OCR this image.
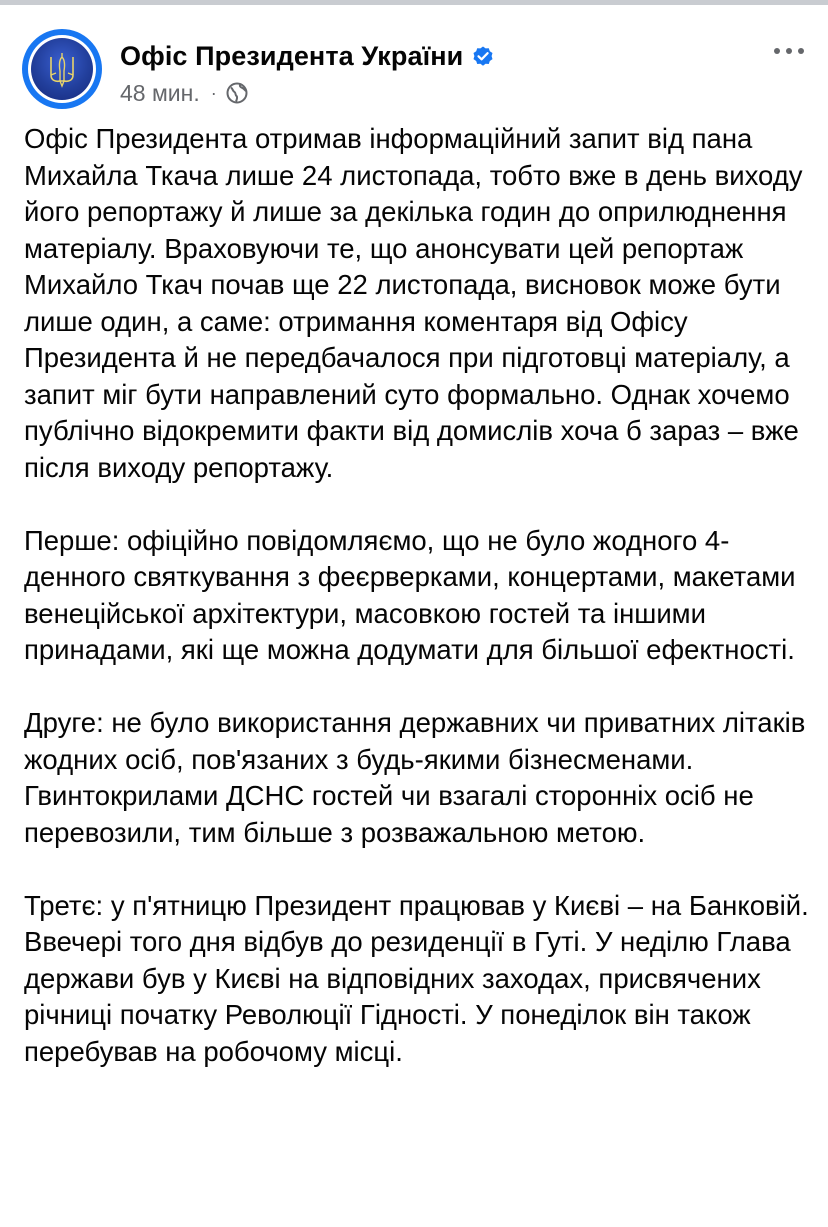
Офіс Президента України
48 мин. ·

Офіс Президента отримав інформаційний запит від пана Михайла Ткача лише 24 листопада, тобто вже в день виходу його репортажу й лише за декілька годин до оприлюднення матеріалу. Враховуючи те, що анонсувати цей репортаж Михайло Ткач почав ще 22 листопада, висновок може бути лише один, а саме: отримання коментаря від Офісу Президента й не передбачалося при підготовці матеріалу, а запит міг бути направлений суто формально. Однак хочемо публічно відокремити факти від домислів хоча б зараз – вже після виходу репортажу.

Перше: офіційно повідомляємо, що не було жодного 4-денного святкування з феєрверками, концертами, макетами венеційської архітектури, масовкою гостей та іншими принадами, які ще можна додумати для більшої ефектності.

Друге: не було використання державних чи приватних літаків жодних осіб, пов'язаних з будь-якими бізнесменами. Гвинтокрилами ДСНС гостей чи взагалі сторонніх осіб не перевозили, тим більше з розважальною метою.

Третє: у п'ятницю Президент працював у Києві – на Банковій. Ввечері того дня відбув до резиденції в Гуті. У неділю Глава держави був у Києві на відповідних заходах, присвячених річниці початку Революції Гідності. У понеділок він також перебував на робочому місці.
